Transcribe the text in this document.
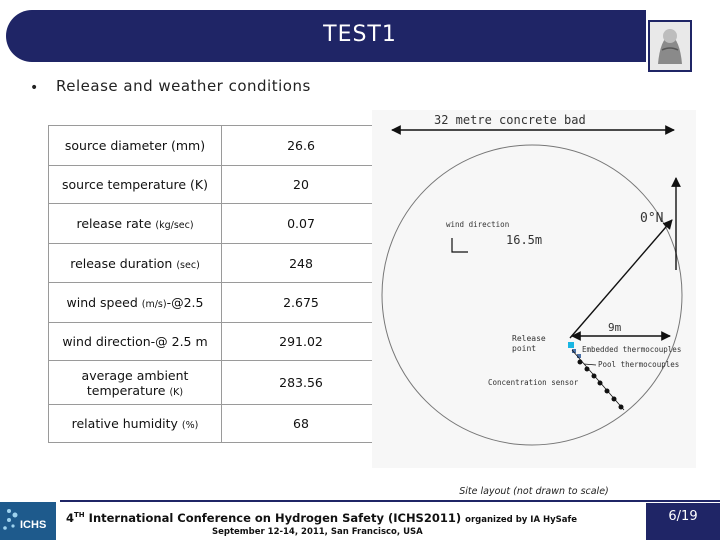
TEST1
• Release and weather conditions
source diameter (mm)	26.6
source temperature (K)	20
release rate (kg/sec)	0.07
release duration (sec)	248
wind speed (m/s)-@2.5	2.675
wind direction-@ 2.5 m	291.02
average ambient
temperature (K)	283.56
relative humidity (%)	68
32 metre concrete bad
0°N
16.5m
wind direction
9m
Release
point	Embedded thermocouples
Pool thermocouples
Concentration sensor
Site layout (not drawn to scale)
ICHS 4TH International Conference on Hydrogen Safety (ICHS2011) organized by IA HySafe
September 12-14, 2011, San Francisco, USA
6/19
